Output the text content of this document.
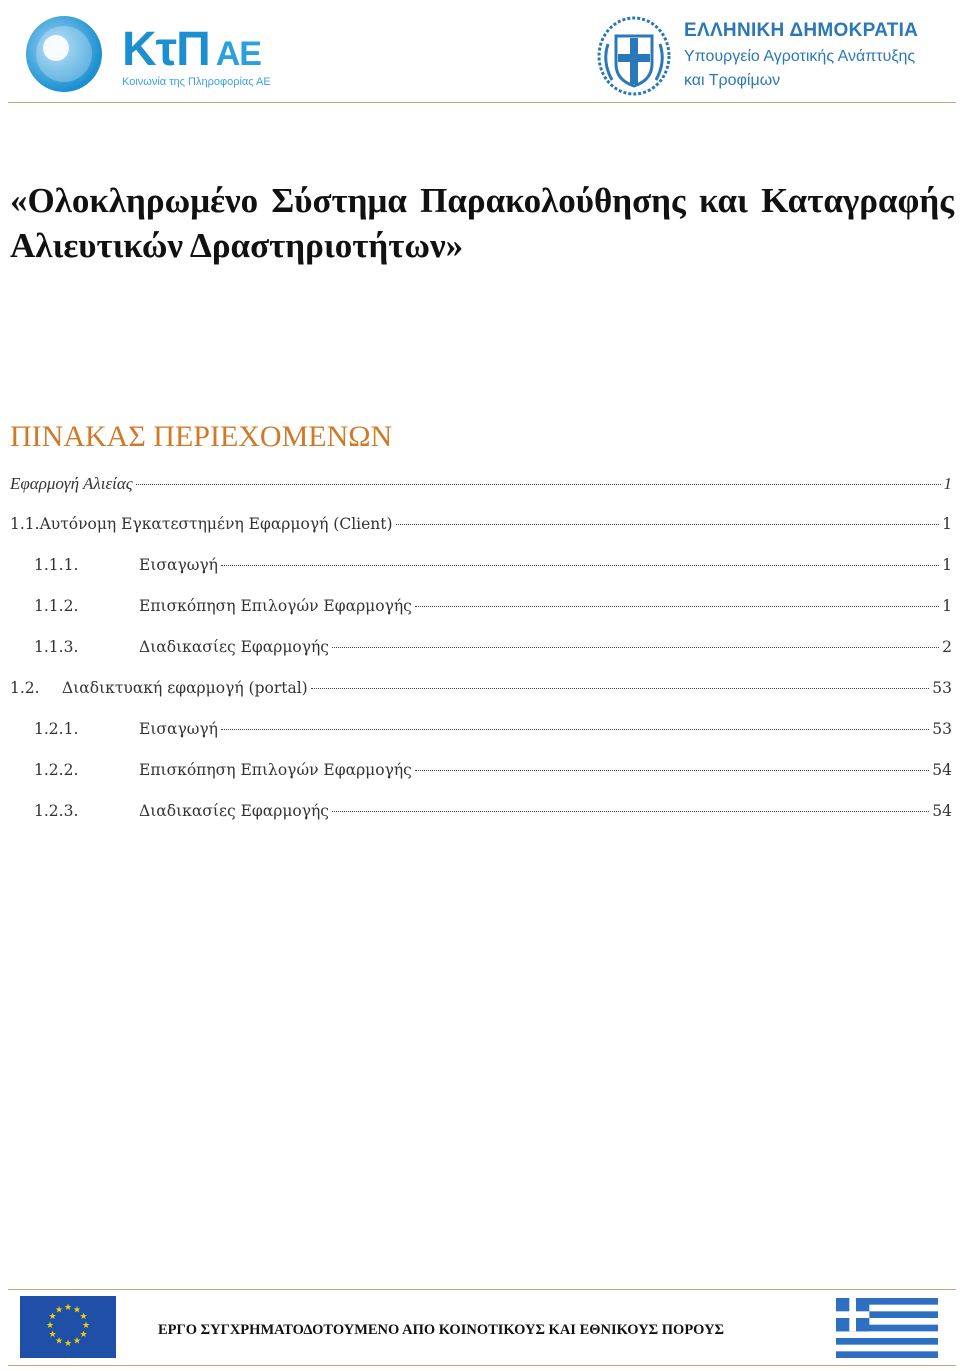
ΚτΠ ΑΕ
Κοινωνία της Πληροφορίας ΑΕ
ΕΛΛΗΝΙΚΗ ΔΗΜΟΚΡΑΤΙΑ
Υπουργείο Αγροτικής Ανάπτυξης
και Τροφίμων
«Ολοκληρωμένο Σύστημα Παρακολούθησης και Καταγραφής Αλιευτικών Δραστηριοτήτων»
ΠΙΝΑΚΑΣ ΠΕΡΙΕΧΟΜΕΝΩΝ
Εφαρμογή Αλιείας	1
1.1. Αυτόνομη Εγκατεστημένη Εφαρμογή (Client)	1
1.1.1.	Εισαγωγή	1
1.1.2.	Επισκόπηση Επιλογών Εφαρμογής	1
1.1.3.	Διαδικασίες Εφαρμογής	2
1.2.	Διαδικτυακή εφαρμογή (portal)	53
1.2.1.	Εισαγωγή	53
1.2.2.	Επισκόπηση Επιλογών Εφαρμογής	54
1.2.3.	Διαδικασίες Εφαρμογής	54
★ ★
★
★
★
★
★
★
★
★
★
★
ΕΡΓΟ ΣΥΓΧΡΗΜΑΤΟΔΟΤΟΥΜΕΝΟ ΑΠΟ ΚΟΙΝΟΤΙΚΟΥΣ ΚΑΙ ΕΘΝΙΚΟΥΣ ΠΟΡΟΥΣ
